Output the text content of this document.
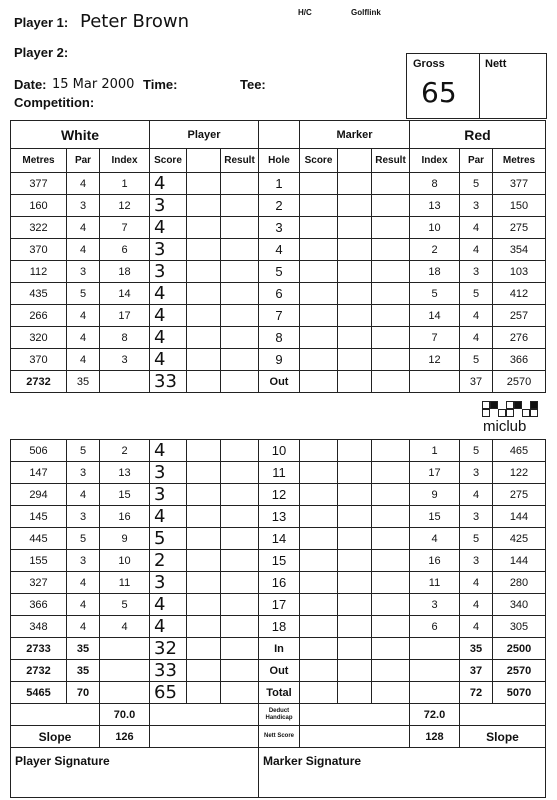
Player 1: Peter Brown	H/C	Golflink
Player 2:
Date: 15 Mar 2000 Time:	Tee:
Competition:
Gross
65
Nett
White			Player				Marker			Red		
Metres	Par	Index	Score		Result	Hole	Score		Result	Index	Par	Metres
377	4	1	4			1				8	5	377
160	3	12	3			2				13	3	150
322	4	7	4			3				10	4	275
370	4	6	3			4				2	4	354
112	3	18	3			5				18	3	103
435	5	14	4			6				5	5	412
266	4	17	4			7				14	4	257
320	4	8	4			8				7	4	276
370	4	3	4			9				12	5	366
2732	35		33			Out					37	2570
miclub
506	5	2	4			10				1	5	465
147	3	13	3			11				17	3	122
294	4	15	3			12				9	4	275
145	3	16	4			13				15	3	144
445	5	9	5			14				4	5	425
155	3	10	2			15				16	3	144
327	4	11	3			16				11	4	280
366	4	5	4			17				3	4	340
348	4	4	4			18				6	4	305
2733	35		32			In					35	2500
2732	35		33			Out					37	2570
5465	70		65			Total					72	5070
		70.0				Deduct Handicap				72.0		
Slope		126				Nett Score				128	Slope	
Player Signature						Marker Signature						
